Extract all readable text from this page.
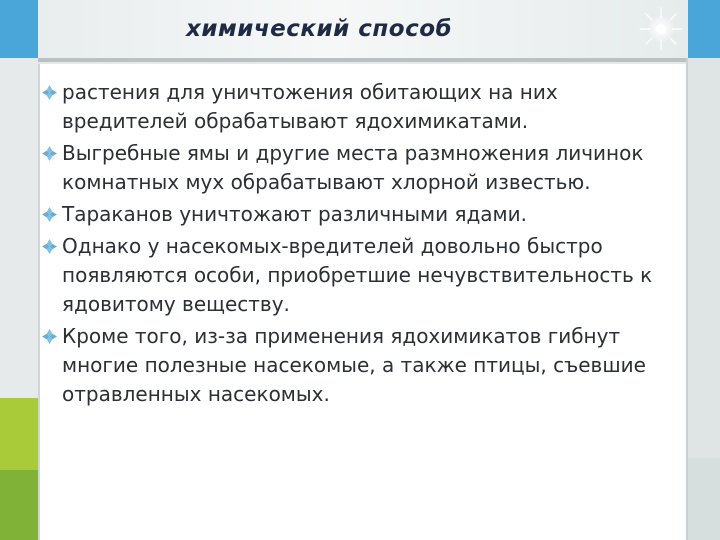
химический способ
растения для уничтожения обитающих на них вредителей обрабатывают ядохимикатами.
Выгребные ямы и другие места размножения личинок комнатных мух обрабатывают хлорной известью.
Тараканов уничтожают различными ядами.
Однако у насекомых-вредителей довольно быстро появляются особи, приобретшие нечувствительность к ядовитому веществу.
Кроме того, из-за применения ядохимикатов гибнут многие полезные насекомые, а также птицы, съевшие отравленных насекомых.
